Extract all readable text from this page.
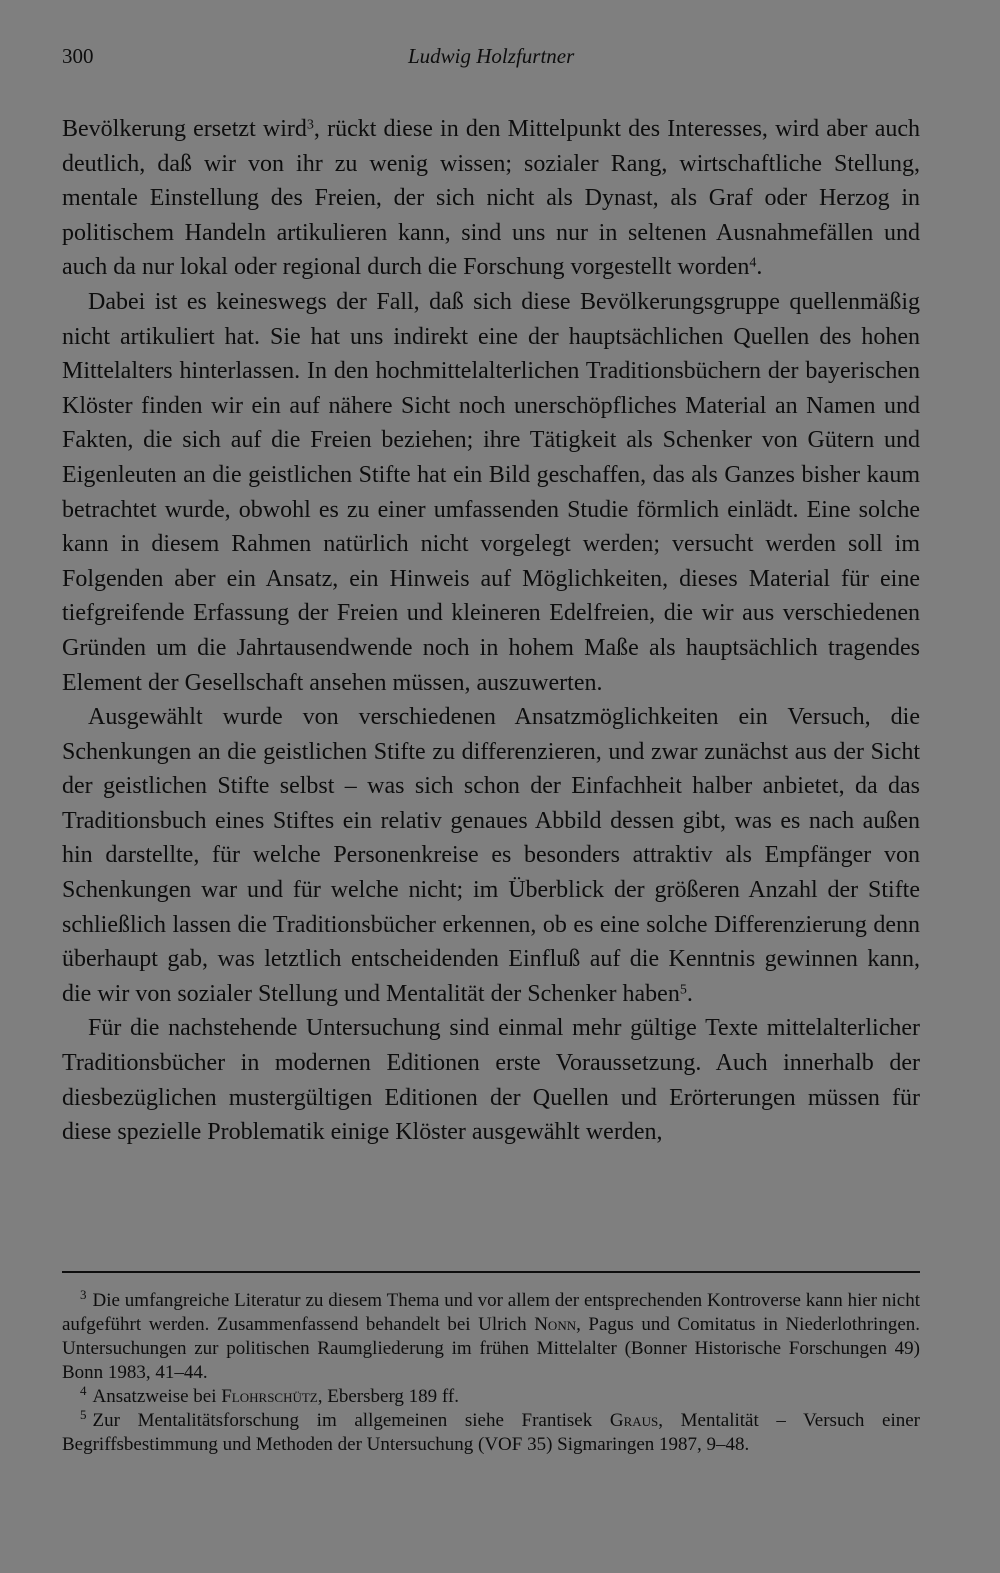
300	Ludwig Holzfurtner

Bevölkerung ersetzt wird$^3$, rückt diese in den Mittelpunkt des Interesses, wird aber auch deutlich, daß wir von ihr zu wenig wissen; sozialer Rang, wirtschaftliche Stellung, mentale Einstellung des Freien, der sich nicht als Dynast, als Graf oder Herzog in politischem Handeln artikulieren kann, sind uns nur in seltenen Ausnahmefällen und auch da nur lokal oder regional durch die Forschung vorgestellt worden$^4$.

Dabei ist es keineswegs der Fall, daß sich diese Bevölkerungsgruppe quellenmäßig nicht artikuliert hat. Sie hat uns indirekt eine der hauptsächlichen Quellen des hohen Mittelalters hinterlassen. In den hochmittelalterlichen Traditionsbüchern der bayerischen Klöster finden wir ein auf nähere Sicht noch unerschöpfliches Material an Namen und Fakten, die sich auf die Freien beziehen; ihre Tätigkeit als Schenker von Gütern und Eigenleuten an die geistlichen Stifte hat ein Bild geschaffen, das als Ganzes bisher kaum betrachtet wurde, obwohl es zu einer umfassenden Studie förmlich einlädt. Eine solche kann in diesem Rahmen natürlich nicht vorgelegt werden; versucht werden soll im Folgenden aber ein Ansatz, ein Hinweis auf Möglichkeiten, dieses Material für eine tiefgreifende Erfassung der Freien und kleineren Edelfreien, die wir aus verschiedenen Gründen um die Jahrtausendwende noch in hohem Maße als hauptsächlich tragendes Element der Gesellschaft ansehen müssen, auszuwerten.

Ausgewählt wurde von verschiedenen Ansatzmöglichkeiten ein Versuch, die Schenkungen an die geistlichen Stifte zu differenzieren, und zwar zunächst aus der Sicht der geistlichen Stifte selbst – was sich schon der Einfachheit halber anbietet, da das Traditionsbuch eines Stiftes ein relativ genaues Abbild dessen gibt, was es nach außen hin darstellte, für welche Personenkreise es besonders attraktiv als Empfänger von Schenkungen war und für welche nicht; im Überblick der größeren Anzahl der Stifte schließlich lassen die Traditionsbücher erkennen, ob es eine solche Differenzierung denn überhaupt gab, was letztlich entscheidenden Einfluß auf die Kenntnis gewinnen kann, die wir von sozialer Stellung und Mentalität der Schenker haben$^5$.

Für die nachstehende Untersuchung sind einmal mehr gültige Texte mittelalterlicher Traditionsbücher in modernen Editionen erste Voraussetzung. Auch innerhalb der diesbezüglichen mustergültigen Editionen der Quellen und Erörterungen müssen für diese spezielle Problematik einige Klöster ausgewählt werden,

$^3$ Die umfangreiche Literatur zu diesem Thema und vor allem der entsprechenden Kontroverse kann hier nicht aufgeführt werden. Zusammenfassend behandelt bei Ulrich Nonn, Pagus und Comitatus in Niederlothringen. Untersuchungen zur politischen Raumgliederung im frühen Mittelalter (Bonner Historische Forschungen 49) Bonn 1983, 41–44.

$^4$ Ansatzweise bei Flohrschütz, Ebersberg 189 ff.

$^5$ Zur Mentalitätsforschung im allgemeinen siehe Frantisek Graus, Mentalität – Versuch einer Begriffsbestimmung und Methoden der Untersuchung (VOF 35) Sigmaringen 1987, 9–48.
